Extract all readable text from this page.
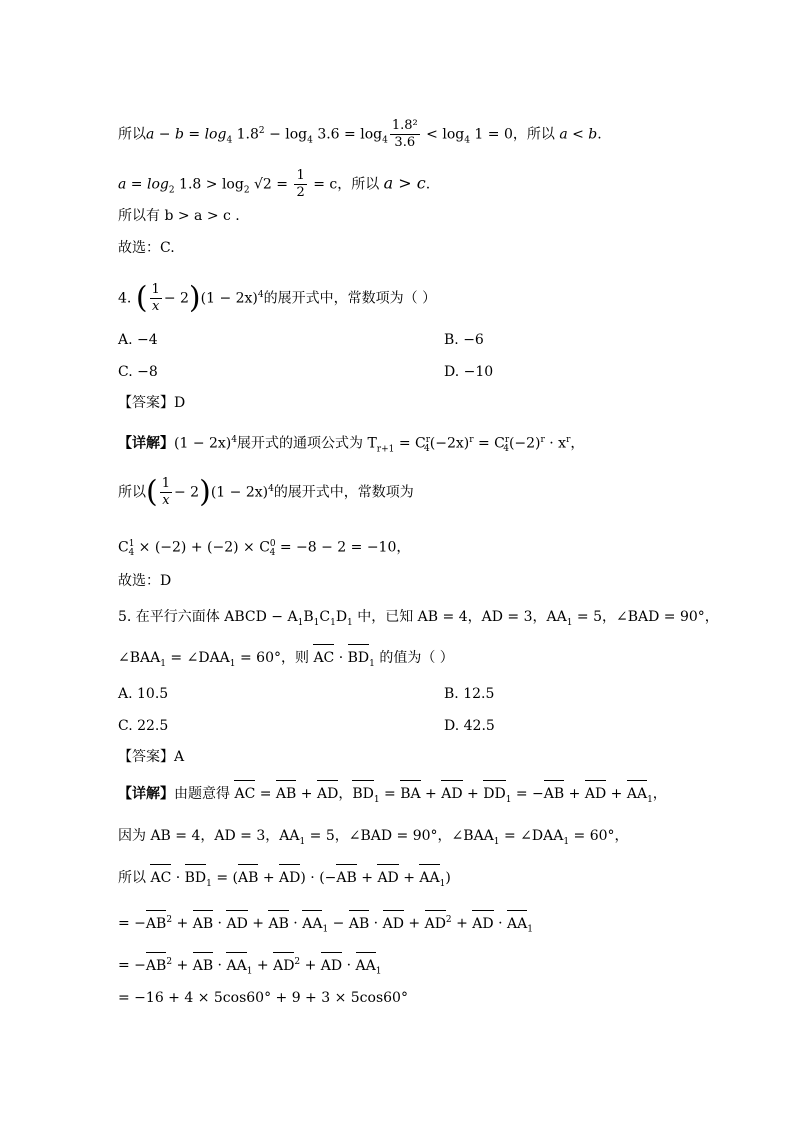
所以$a - b = \log_4 1.8^2 - \log_4 3.6 = \log_4 \frac{\text{1.8²}}{3.6} < \log_4 1 = 0$，所以 a < b.
$a = \log_2 1.8 > \log_2 √2 = \frac{1}{2} = c$，所以 a > c.
所以有 b > a > c .
故选：C.
4. ( $\frac{1}{x} - 2)(1 - 2x)^4$的展开式中，常数项为（ ）
A. −4	B. −6
C. −8	D. −10
【答案】D
【详解】$(1 - 2x)^4$展开式的通项公式为 $T_{r+1} = C^r_4(-2x)^r = C^r_4(-2)^r \cdot x^r$，
所以( $\frac{1}{x} - 2)(1 - 2x)^4$的展开式中，常数项为
$C^1_4 \times (-2) + (-2) \times C^0_4 = -8 - 2 = -10$，
故选：D
5. 在平行六面体 ABCD − $A_1B_1C_1D_1$ 中，已知 AB = 4，AD = 3，$AA_1 = 5$，∠BAD = 90°，
$\angle BAA_1$ = $\angle DAA_1 = 60^\circ$，则 AC · $BD_1$ 的值为（ ）
A. 10.5	B. 12.5
C. 22.5	D. 42.5
【答案】A
【详解】由题意得 AC = AB + AD，$BD_1$ = BA + AD + $DD_1 = -AB$ + AD + $AA_1$，
因为 AB = 4，AD = 3，$AA_1 = 5$，∠BAD = 90°，$\angle BAA_1$ = $\angle DAA_1 = 60^\circ$，
所以 AC · $BD_1 = (AB + AD) \cdot (-AB$ + AD + $AA_1$)
= $-AB^2$ + AB · AD + AB · $AA_1$ − AB · AD + $AD^2$ + AD · $AA_1$
= $-AB^2$ + AB · $AA_1 + AD^2$ + AD · $AA_1$
= −16 + 4 × 5cos60° + 9 + 3 × 5cos60°
